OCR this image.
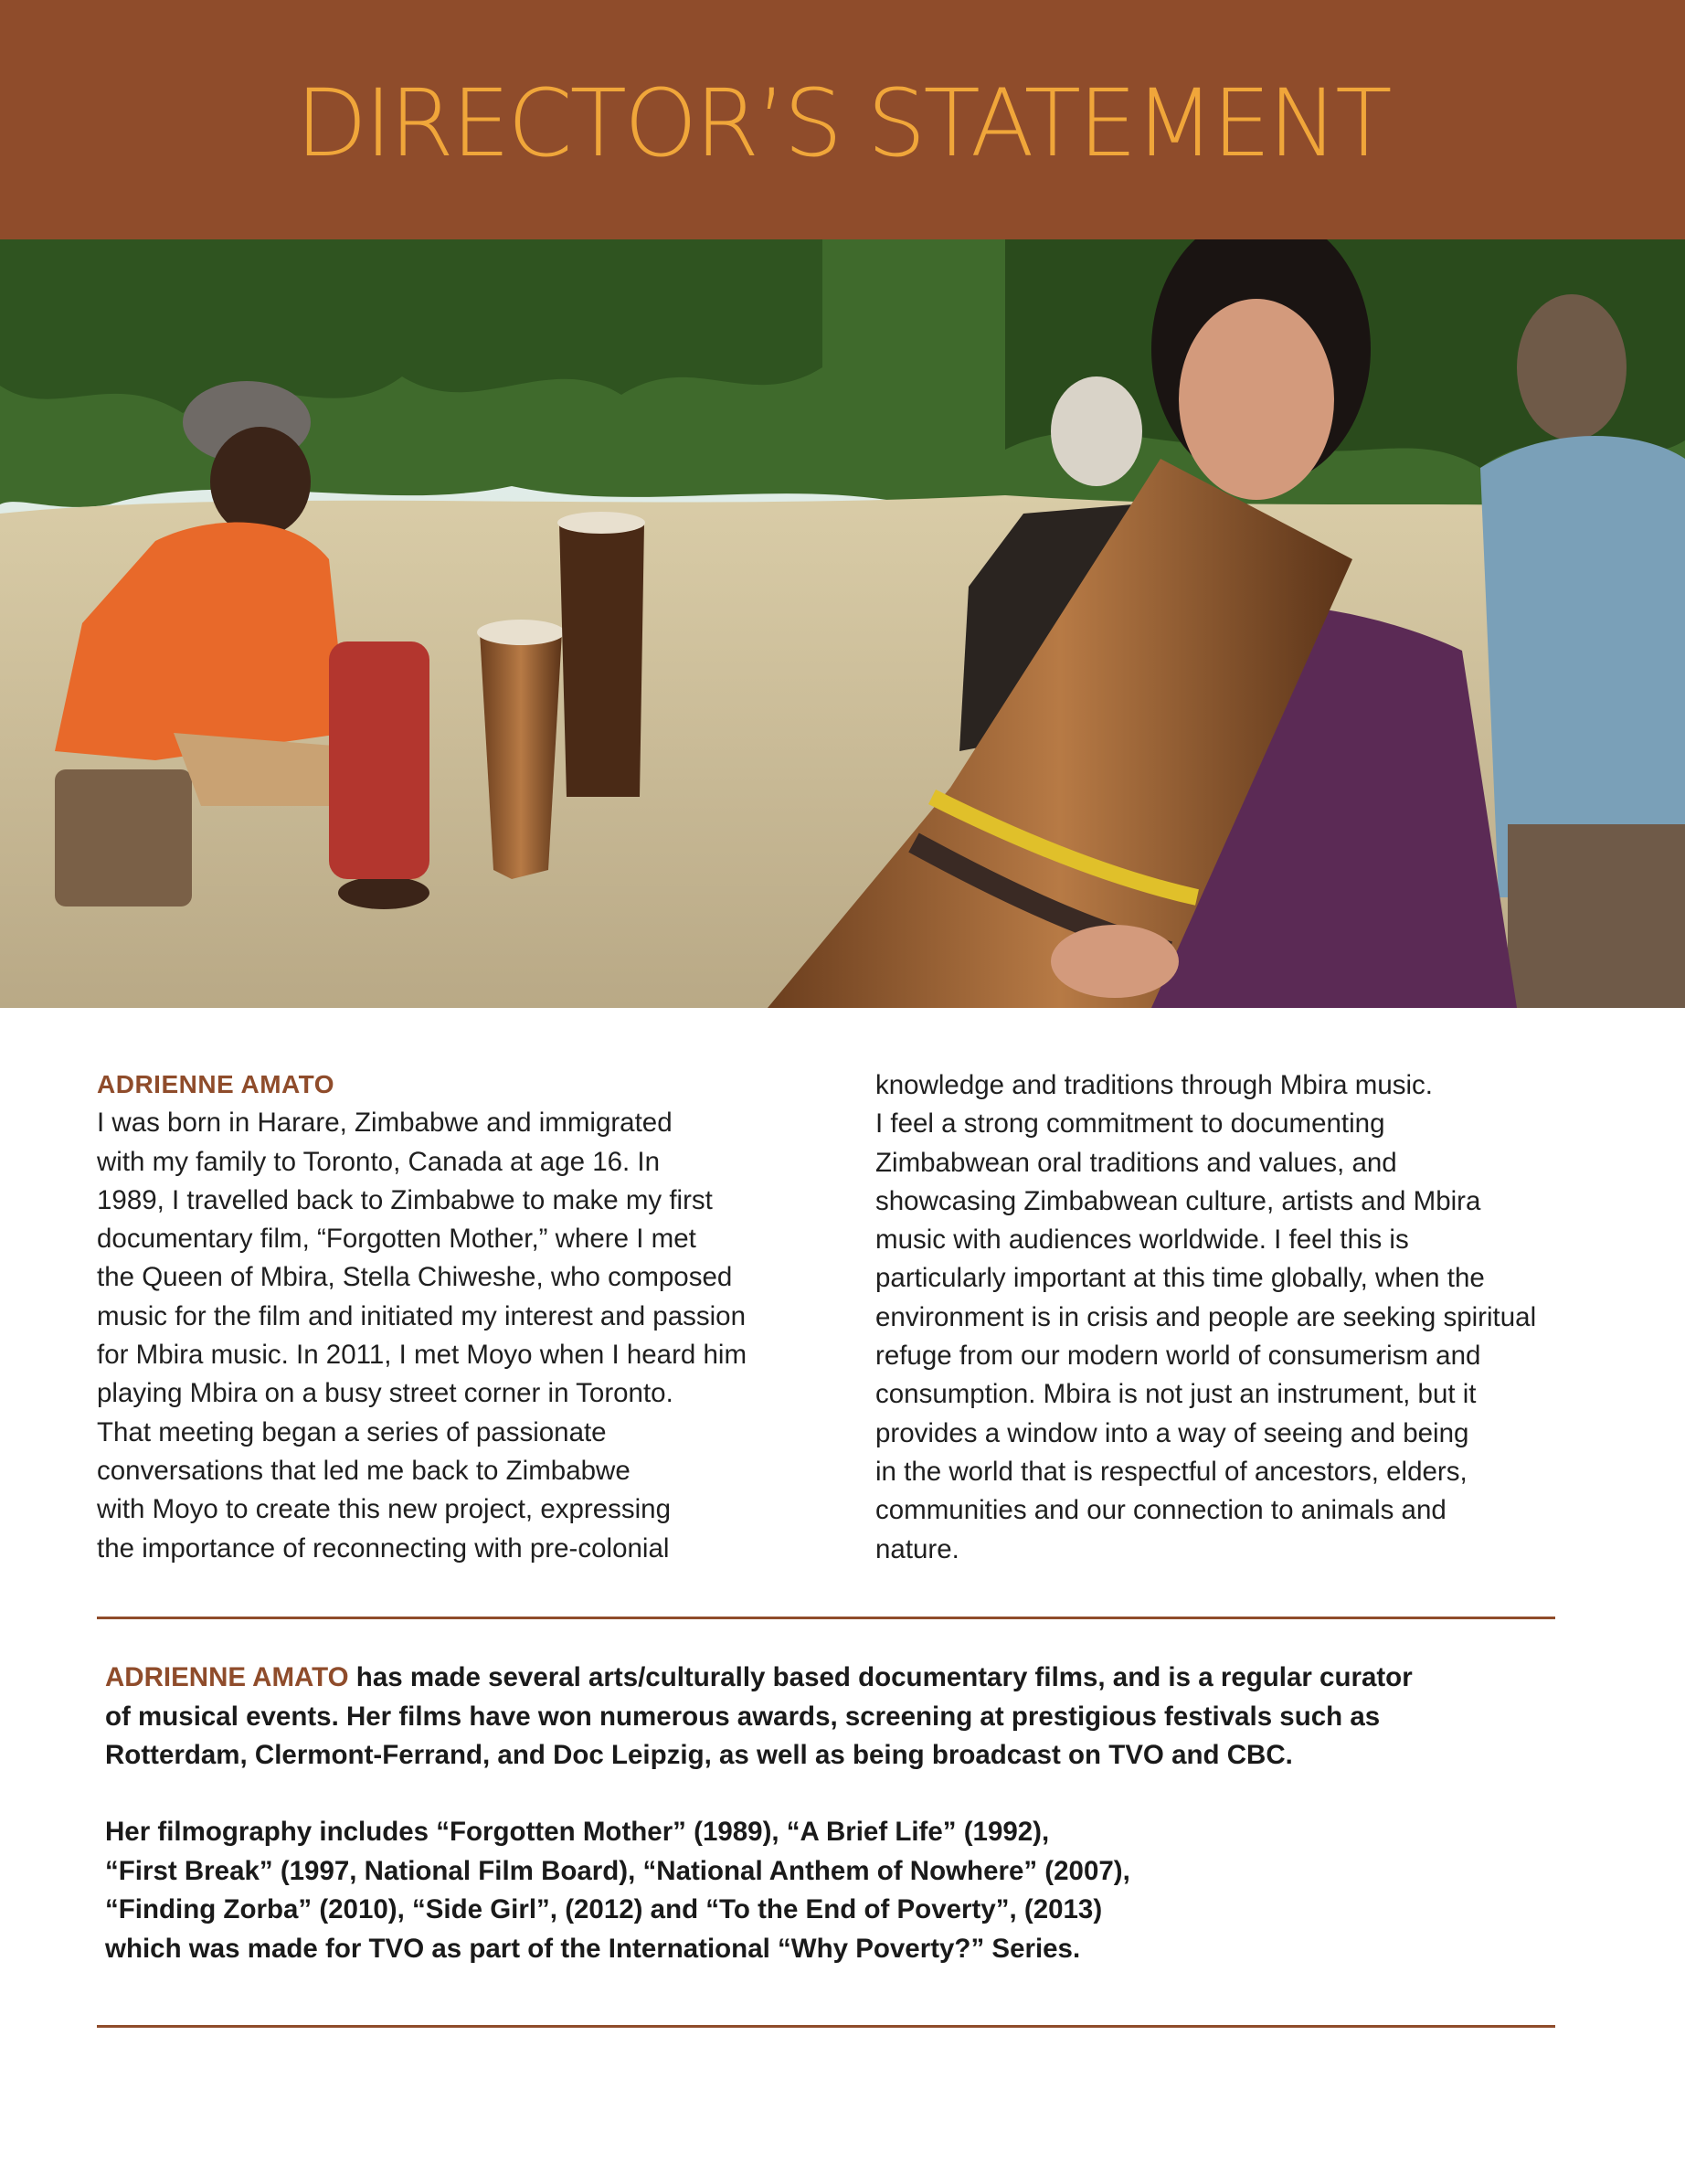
DIRECTOR’S STATEMENT
ADRIENNE AMATO

I was born in Harare, Zimbabwe and immigrated
with my family to Toronto, Canada at age 16. In
1989, I travelled back to Zimbabwe to make my first
documentary film, “Forgotten Mother,” where I met
the Queen of Mbira, Stella Chiweshe, who composed
music for the film and initiated my interest and passion
for Mbira music. In 2011, I met Moyo when I heard him
playing Mbira on a busy street corner in Toronto.
That meeting began a series of passionate
conversations that led me back to Zimbabwe
with Moyo to create this new project, expressing
the importance of reconnecting with pre-colonial

knowledge and traditions through Mbira music.
I feel a strong commitment to documenting
Zimbabwean oral traditions and values, and
showcasing Zimbabwean culture, artists and Mbira
music with audiences worldwide. I feel this is
particularly important at this time globally, when the
environment is in crisis and people are seeking spiritual
refuge from our modern world of consumerism and
consumption. Mbira is not just an instrument, but it
provides a window into a way of seeing and being
in the world that is respectful of ancestors, elders,
communities and our connection to animals and
nature.

ADRIENNE AMATO has made several arts/culturally based documentary films, and is a regular curator
of musical events. Her films have won numerous awards, screening at prestigious festivals such as
Rotterdam, Clermont-Ferrand, and Doc Leipzig, as well as being broadcast on TVO and CBC.

Her filmography includes “Forgotten Mother” (1989), “A Brief Life” (1992),
“First Break” (1997, National Film Board), “National Anthem of Nowhere” (2007),
“Finding Zorba” (2010), “Side Girl”, (2012) and “To the End of Poverty”, (2013)
which was made for TVO as part of the International “Why Poverty?” Series.
